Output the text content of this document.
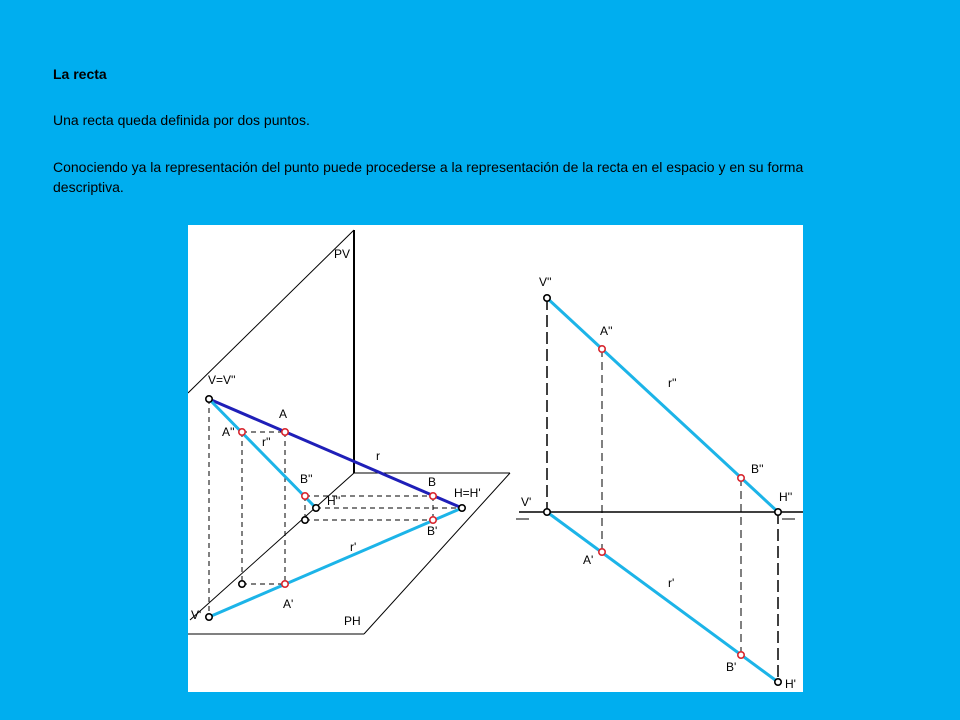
La recta
Una recta queda definida por dos puntos.
Conociendo ya la representación del punto puede procederse a la representación de la recta en el espacio y en su forma descriptiva.
PV
PH
r
r''
r'
V=V''
V'
A
A''
A'
B
B''
B'
H=H'
H''
V''
V'
A''
A'
r''
r'
B''
B'
H''
H'
